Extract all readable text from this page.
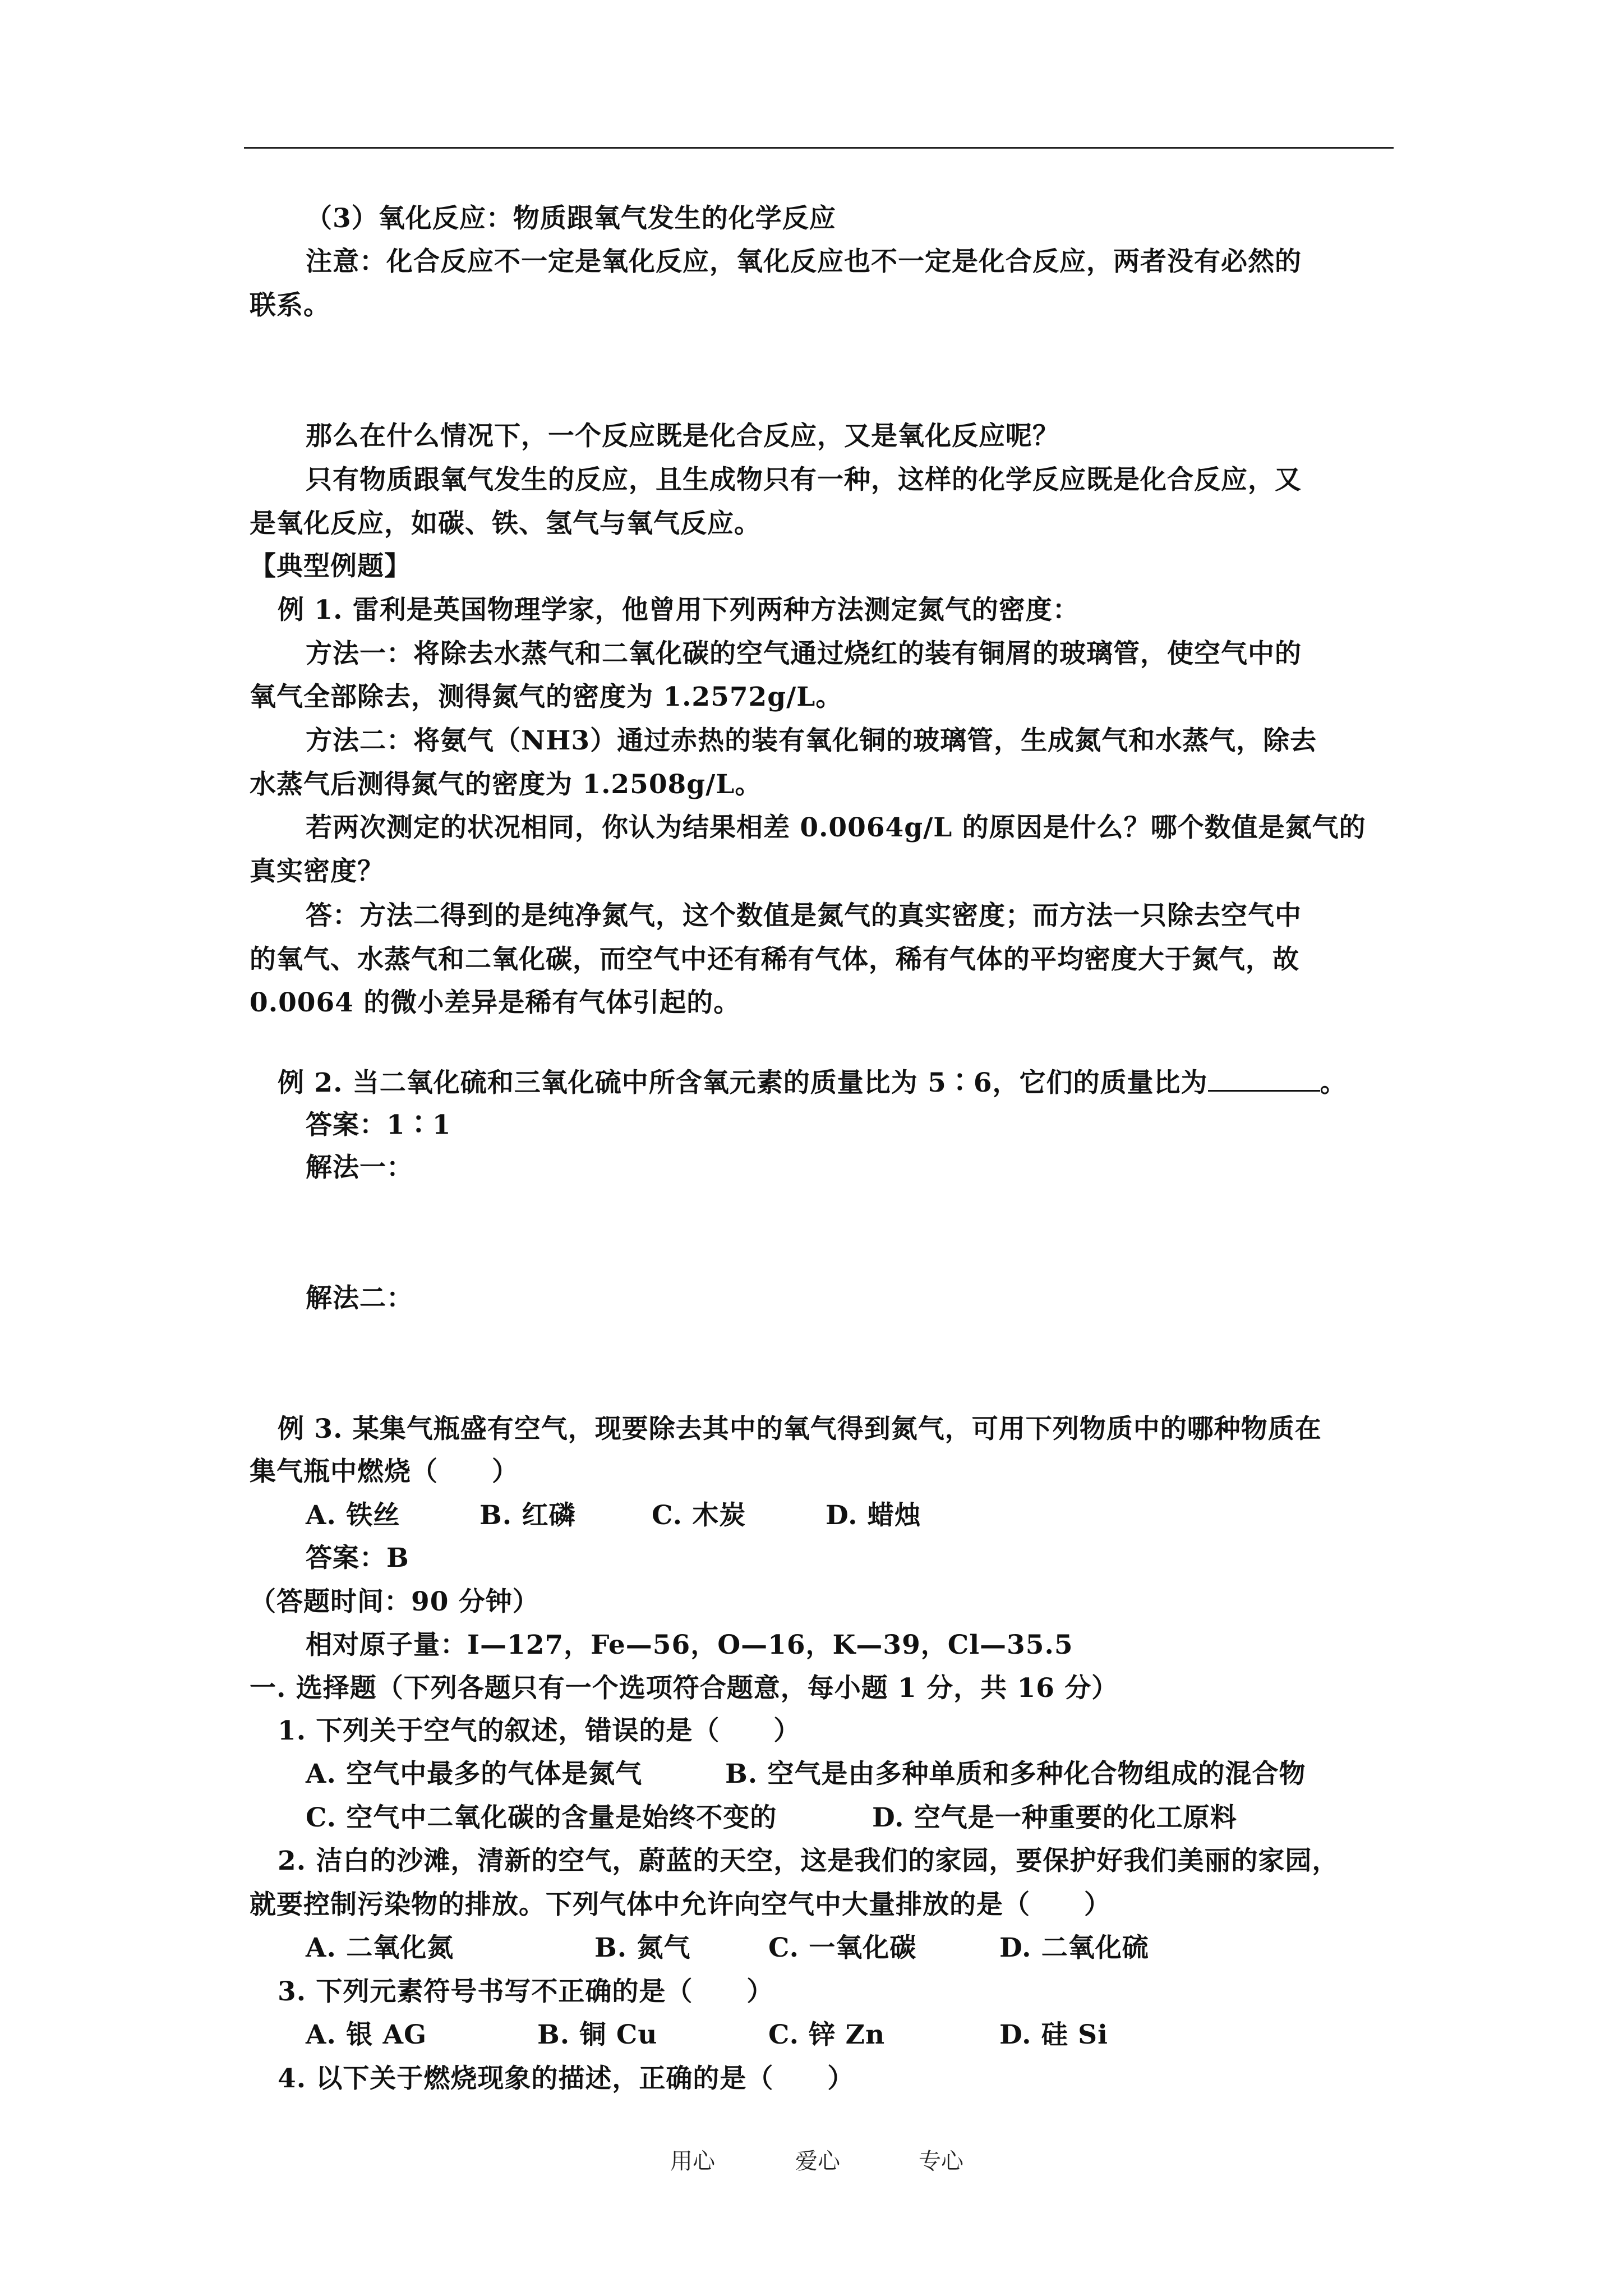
（3）氧化反应：物质跟氧气发生的化学反应
注意：化合反应不一定是氧化反应，氧化反应也不一定是化合反应，两者没有必然的
联系。
那么在什么情况下，一个反应既是化合反应，又是氧化反应呢？
只有物质跟氧气发生的反应，且生成物只有一种，这样的化学反应既是化合反应，又
是氧化反应，如碳、铁、氢气与氧气反应。
【典型例题】
例 1. 雷利是英国物理学家，他曾用下列两种方法测定氮气的密度：
方法一：将除去水蒸气和二氧化碳的空气通过烧红的装有铜屑的玻璃管，使空气中的
氧气全部除去，测得氮气的密度为 1.2572g/L。
方法二：将氨气（NH3）通过赤热的装有氧化铜的玻璃管，生成氮气和水蒸气，除去
水蒸气后测得氮气的密度为 1.2508g/L。
若两次测定的状况相同，你认为结果相差 0.0064g/L 的原因是什么？哪个数值是氮气的
真实密度？
答：方法二得到的是纯净氮气，这个数值是氮气的真实密度；而方法一只除去空气中
的氧气、水蒸气和二氧化碳，而空气中还有稀有气体，稀有气体的平均密度大于氮气，故
0.0064 的微小差异是稀有气体引起的。
例 2. 当二氧化硫和三氧化硫中所含氧元素的质量比为 5∶6，它们的质量比为	。
答案：1∶1
解法一：
解法二：
例 3. 某集气瓶盛有空气，现要除去其中的氧气得到氮气，可用下列物质中的哪种物质在
集气瓶中燃烧（　　）
A. 铁丝	B. 红磷	C. 木炭	D. 蜡烛
答案：B
（答题时间：90 分钟）
相对原子量：I—127，Fe—56，O—16，K—39，Cl—35.5
一. 选择题（下列各题只有一个选项符合题意，每小题 1 分，共 16 分）
1. 下列关于空气的叙述，错误的是（　　）
A. 空气中最多的气体是氮气	B. 空气是由多种单质和多种化合物组成的混合物
C. 空气中二氧化碳的含量是始终不变的	D. 空气是一种重要的化工原料
2. 洁白的沙滩，清新的空气，蔚蓝的天空，这是我们的家园，要保护好我们美丽的家园，
就要控制污染物的排放。下列气体中允许向空气中大量排放的是（　　）
A. 二氧化氮	B. 氮气	C. 一氧化碳	D. 二氧化硫
3. 下列元素符号书写不正确的是（　　）
A. 银 AG	B. 铜 Cu	C. 锌 Zn	D. 硅 Si
4. 以下关于燃烧现象的描述，正确的是（　　）
用心	爱心	专心
